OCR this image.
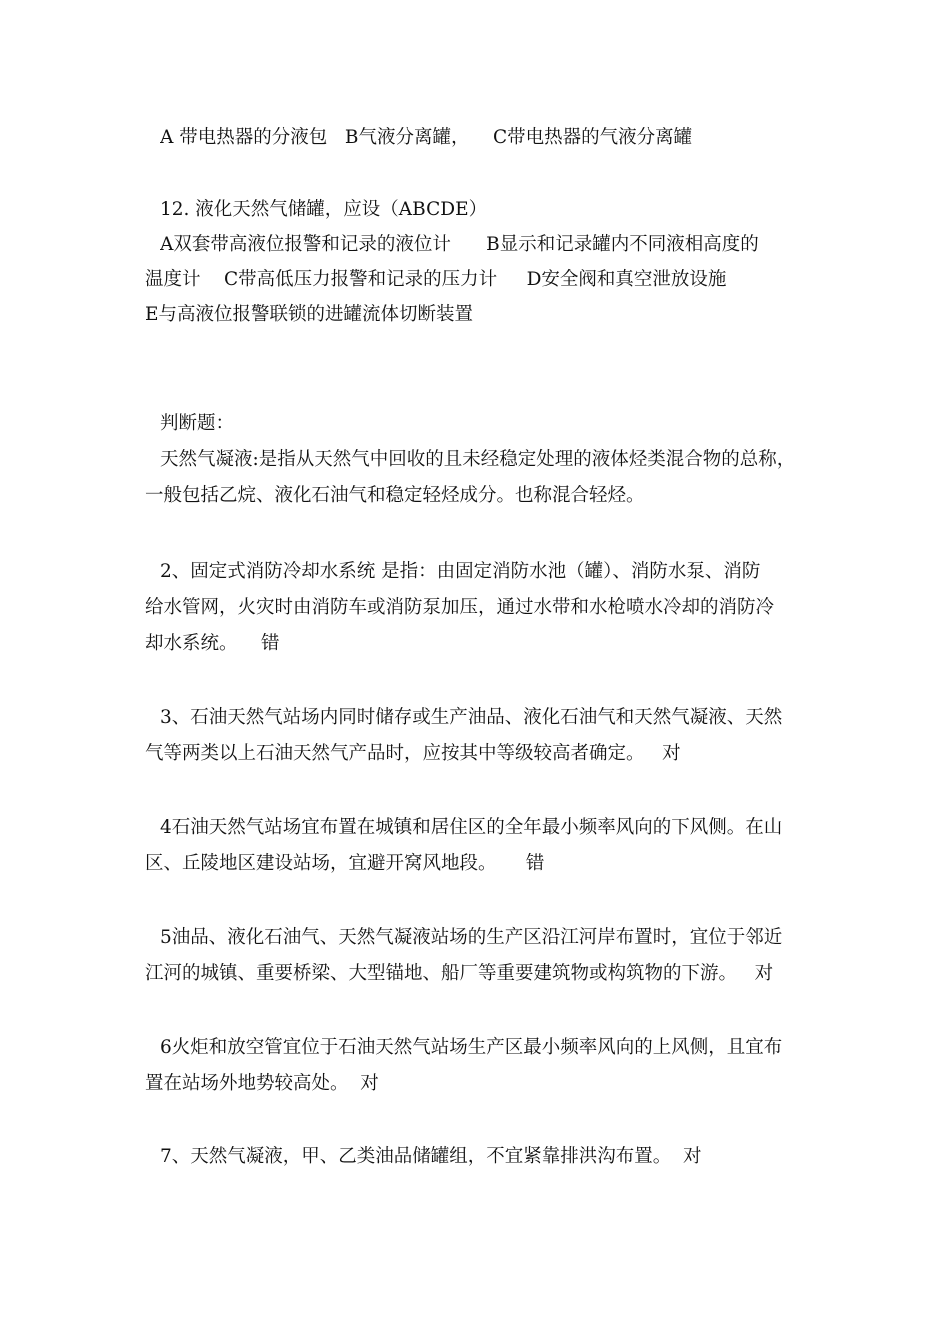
A 带电热器的分液包   B气液分离罐，    C带电热器的气液分离罐
12. 液化天然气储罐，应设（ABCDE）
A双套带高液位报警和记录的液位计      B显示和记录罐内不同液相高度的
温度计    C带高低压力报警和记录的压力计     D安全阀和真空泄放设施
E与高液位报警联锁的进罐流体切断装置
判断题：
天然气凝液:是指从天然气中回收的且未经稳定处理的液体烃类混合物的总称，
一般包括乙烷、液化石油气和稳定轻烃成分。也称混合轻烃。
2、固定式消防冷却水系统 是指：由固定消防水池（罐）、消防水泵、消防
给水管网，火灾时由消防车或消防泵加压，通过水带和水枪喷水冷却的消防冷
却水系统。    错
3、石油天然气站场内同时储存或生产油品、液化石油气和天然气凝液、天然
气等两类以上石油天然气产品时，应按其中等级较高者确定。   对
4石油天然气站场宜布置在城镇和居住区的全年最小频率风向的下风侧。在山
区、丘陵地区建设站场，宜避开窝风地段。     错
5油品、液化石油气、天然气凝液站场的生产区沿江河岸布置时，宜位于邻近
江河的城镇、重要桥梁、大型锚地、船厂等重要建筑物或构筑物的下游。   对
6火炬和放空管宜位于石油天然气站场生产区最小频率风向的上风侧，且宜布
置在站场外地势较高处。  对
7、天然气凝液，甲、乙类油品储罐组，不宜紧靠排洪沟布置。  对
